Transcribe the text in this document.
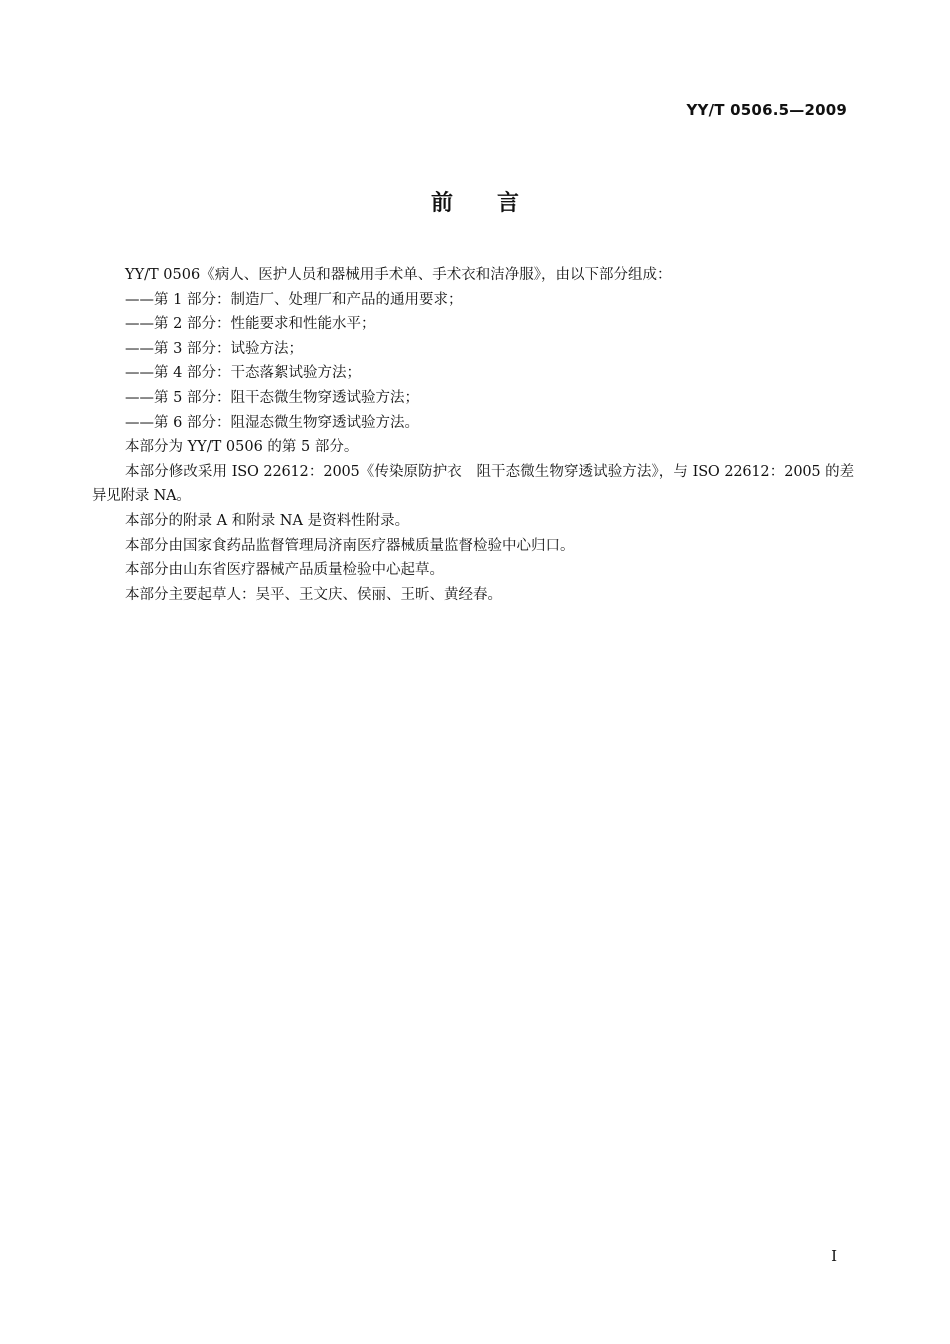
YY/T 0506.5—2009
前言

YY/T 0506《病人、医护人员和器械用手术单、手术衣和洁净服》，由以下部分组成：

——第 1 部分：制造厂、处理厂和产品的通用要求；

——第 2 部分：性能要求和性能水平；

——第 3 部分：试验方法；

——第 4 部分：干态落絮试验方法；

——第 5 部分：阻干态微生物穿透试验方法；

——第 6 部分：阻湿态微生物穿透试验方法。

本部分为 YY/T 0506 的第 5 部分。

本部分修改采用 ISO 22612：2005《传染原防护衣　阻干态微生物穿透试验方法》，与 ISO 22612：2005 的差异见附录 NA。

本部分的附录 A 和附录 NA 是资料性附录。

本部分由国家食药品监督管理局济南医疗器械质量监督检验中心归口。

本部分由山东省医疗器械产品质量检验中心起草。

本部分主要起草人：吴平、王文庆、侯丽、王昕、黄经春。

I
